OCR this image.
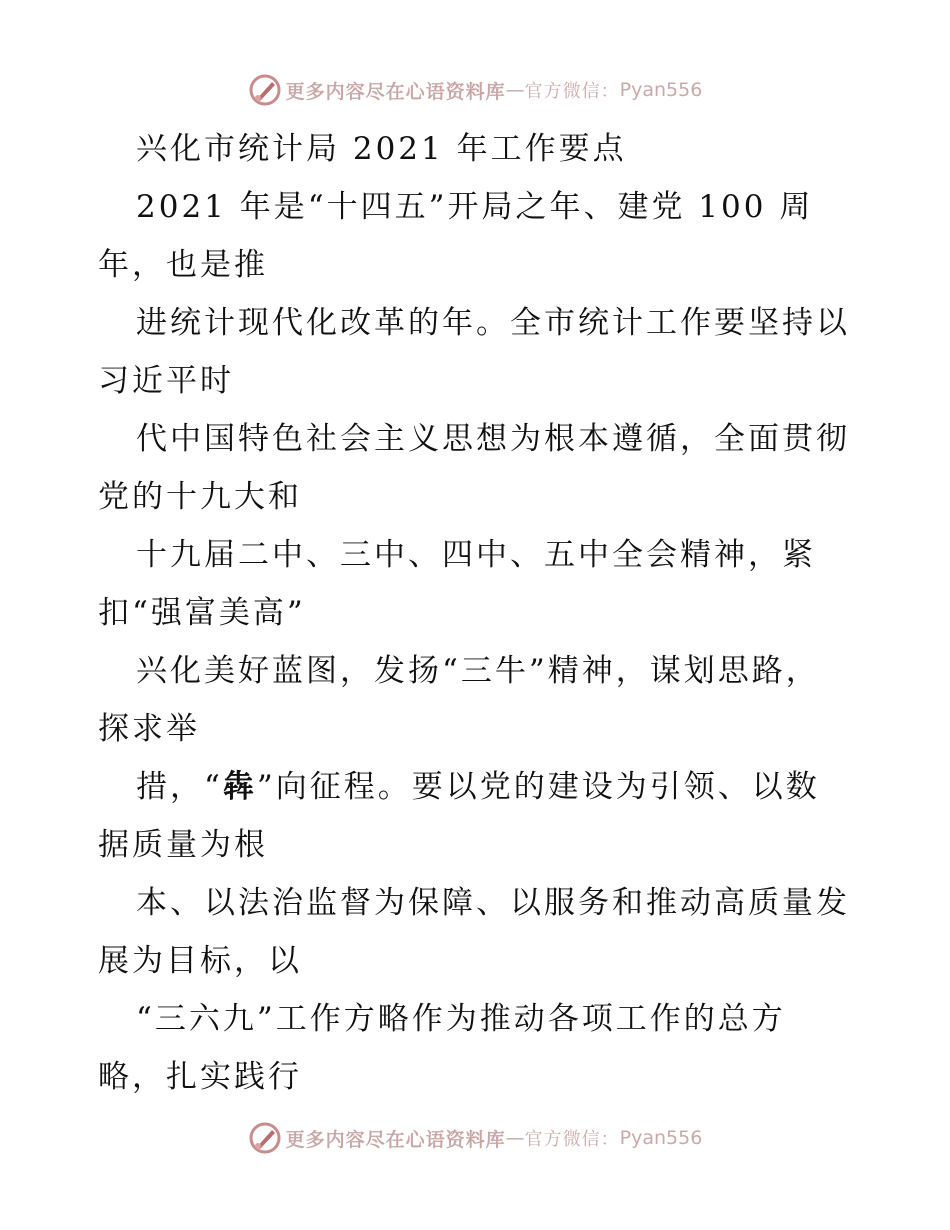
更多内容尽在心语资料库 — 官方微信： Pyan556
兴化市统计局 2021 年工作要点
2021 年是“十四五”开局之年、建党 100 周
年，也是推
进统计现代化改革的年。全市统计工作要坚持以
习近平时
代中国特色社会主义思想为根本遵循，全面贯彻
党的十九大和
十九届二中、三中、四中、五中全会精神，紧
扣“强富美高”
兴化美好蓝图，发扬“三牛”精神，谋划思路，
探求举
措，“犇”向征程。要以党的建设为引领、以数
据质量为根
本、以法治监督为保障、以服务和推动高质量发
展为目标，以
“三六九”工作方略作为推动各项工作的总方
略，扎实践行
更多内容尽在心语资料库 — 官方微信： Pyan556
